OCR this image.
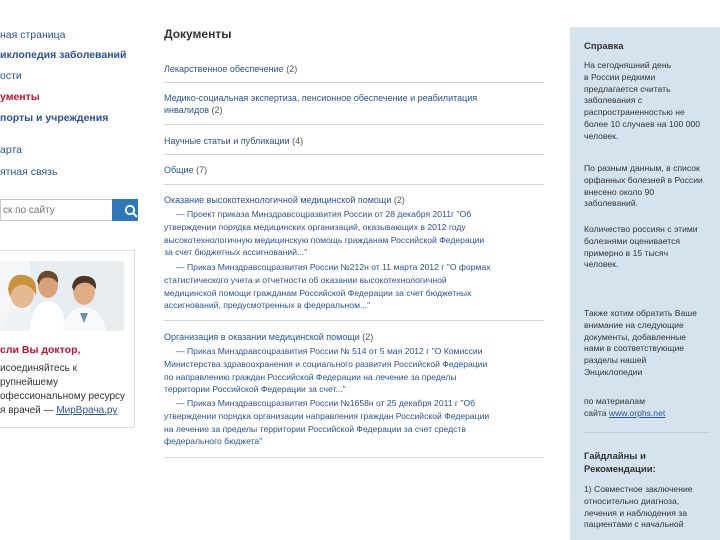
ная страница
иклопедия заболеваний
ости
ументы
порты и учреждения
арта
ятная связь
ск по сайту
сли Вы доктор,
исоединяйтесь к
рупнейшему
офессиональному ресурсу
я врачей — МирВрача.ру
Документы
Лекарственное обеспечение (2)
Медико-социальная экспертиза, пенсионное обеспечение и реабилитация
инвалидов (2)
Научные статьи и публикации (4)
Общие (7)
Оказание высокотехнологичной медицинской помощи (2)
— Проект приказа Минздравсоцразвития России от 28 декабря 2011г "Об
утверждении порядка медицинских организаций, оказывающих в 2012 году
высокотехнологичную медицинскую помощь гражданам Российской Федерации
за счет бюджетных ассигнований..."
— Приказ Минздравсоцразвития России №212н от 11 марта 2012 г "О формах
статистического учета и отчетности об оказании высокотехнологичной
медицинской помощи гражданам Российской Федерации за счет бюджетных
ассигнований, предусмотренных в федеральном..."
Организация в оказании медицинской помощи (2)
— Приказ Минздравсоцразвития России № 514 от 5 мая 2012 г "О Комиссии
Министерства здравоохранения и социального развития Российской Федерации
по направлению граждан Российской Федерации на лечение за пределы
территории Российской Федерации за счет..."
— Приказ Минздравсоцразвития России №1658н от 25 декабря 2011 г "Об
утверждении порядка организации направления граждан Российской Федерации
на лечение за пределы территории Российской Федерации за счет средств
федерального бюджета"
Справка
На сегодняшний день
в России редкими
предлагается считать
заболевания с
распространенностью не
более 10 случаев на 100 000
человек.
По разным данным, в список
орфанных болезней в России
внесено около 90
заболеваний.
Количество россиян с этими
болезнями оценивается
примерно в 15 тысяч
человек.
Также хотим обратить Ваше
внимание на следующие
документы, добавленные
нами в соответствующие
разделы нашей
Энциклопедии
по материалам
сайта www.orphs.net
Гайдлайны и
Рекомендации:
1) Совместное заключение
относительно диагноза,
лечения и наблюдения за
пациентами с начальной
